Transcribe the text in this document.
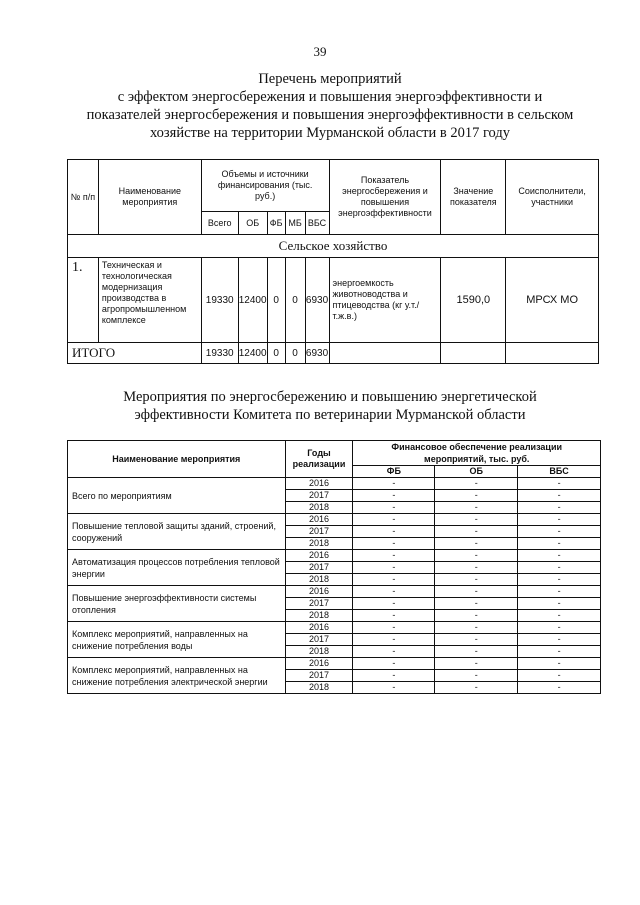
39
Перечень мероприятий
с эффектом энергосбережения и повышения энергоэффективности и
показателей энергосбережения и повышения энергоэффективности в сельском
хозяйстве на территории Мурманской области в 2017 году
№ п/п	Наименование мероприятия	Объемы и источники финансирования (тыс. руб.)					Показатель энергосбережения и повышения энергоэффективности	Значение показателя	Соисполнители, участники
		Всего	ОБ	ФБ	МБ	ВБС			
Сельское хозяйство									
1.	Техническая и технологическая модернизация производства в агропромышленном комплексе	19330	12400	0	0	6930	энергоемкость животноводства и птицеводства (кг у.т./т.ж.в.)	1590,0	МРСХ МО
ИТОГО		19330	12400	0	0	6930			
Мероприятия по энергосбережению и повышению энергетической
эффективности Комитета по ветеринарии Мурманской области
Наименование мероприятия	Годы реализации	Финансовое обеспечение реализации мероприятий, тыс. руб.		
		ФБ	ОБ	ВБС
Всего по мероприятиям	2016	-	-	-
	2017	-	-	-
	2018	-	-	-
Повышение тепловой защиты зданий, строений, сооружений	2016	-	-	-
	2017	-	-	-
	2018	-	-	-
Автоматизация процессов потребления тепловой энергии	2016	-	-	-
	2017	-	-	-
	2018	-	-	-
Повышение энергоэффективности системы отопления	2016	-	-	-
	2017	-	-	-
	2018	-	-	-
Комплекс мероприятий, направленных на снижение потребления воды	2016	-	-	-
	2017	-	-	-
	2018	-	-	-
Комплекс мероприятий, направленных на снижение потребления электрической энергии	2016	-	-	-
	2017	-	-	-
	2018	-	-	-
